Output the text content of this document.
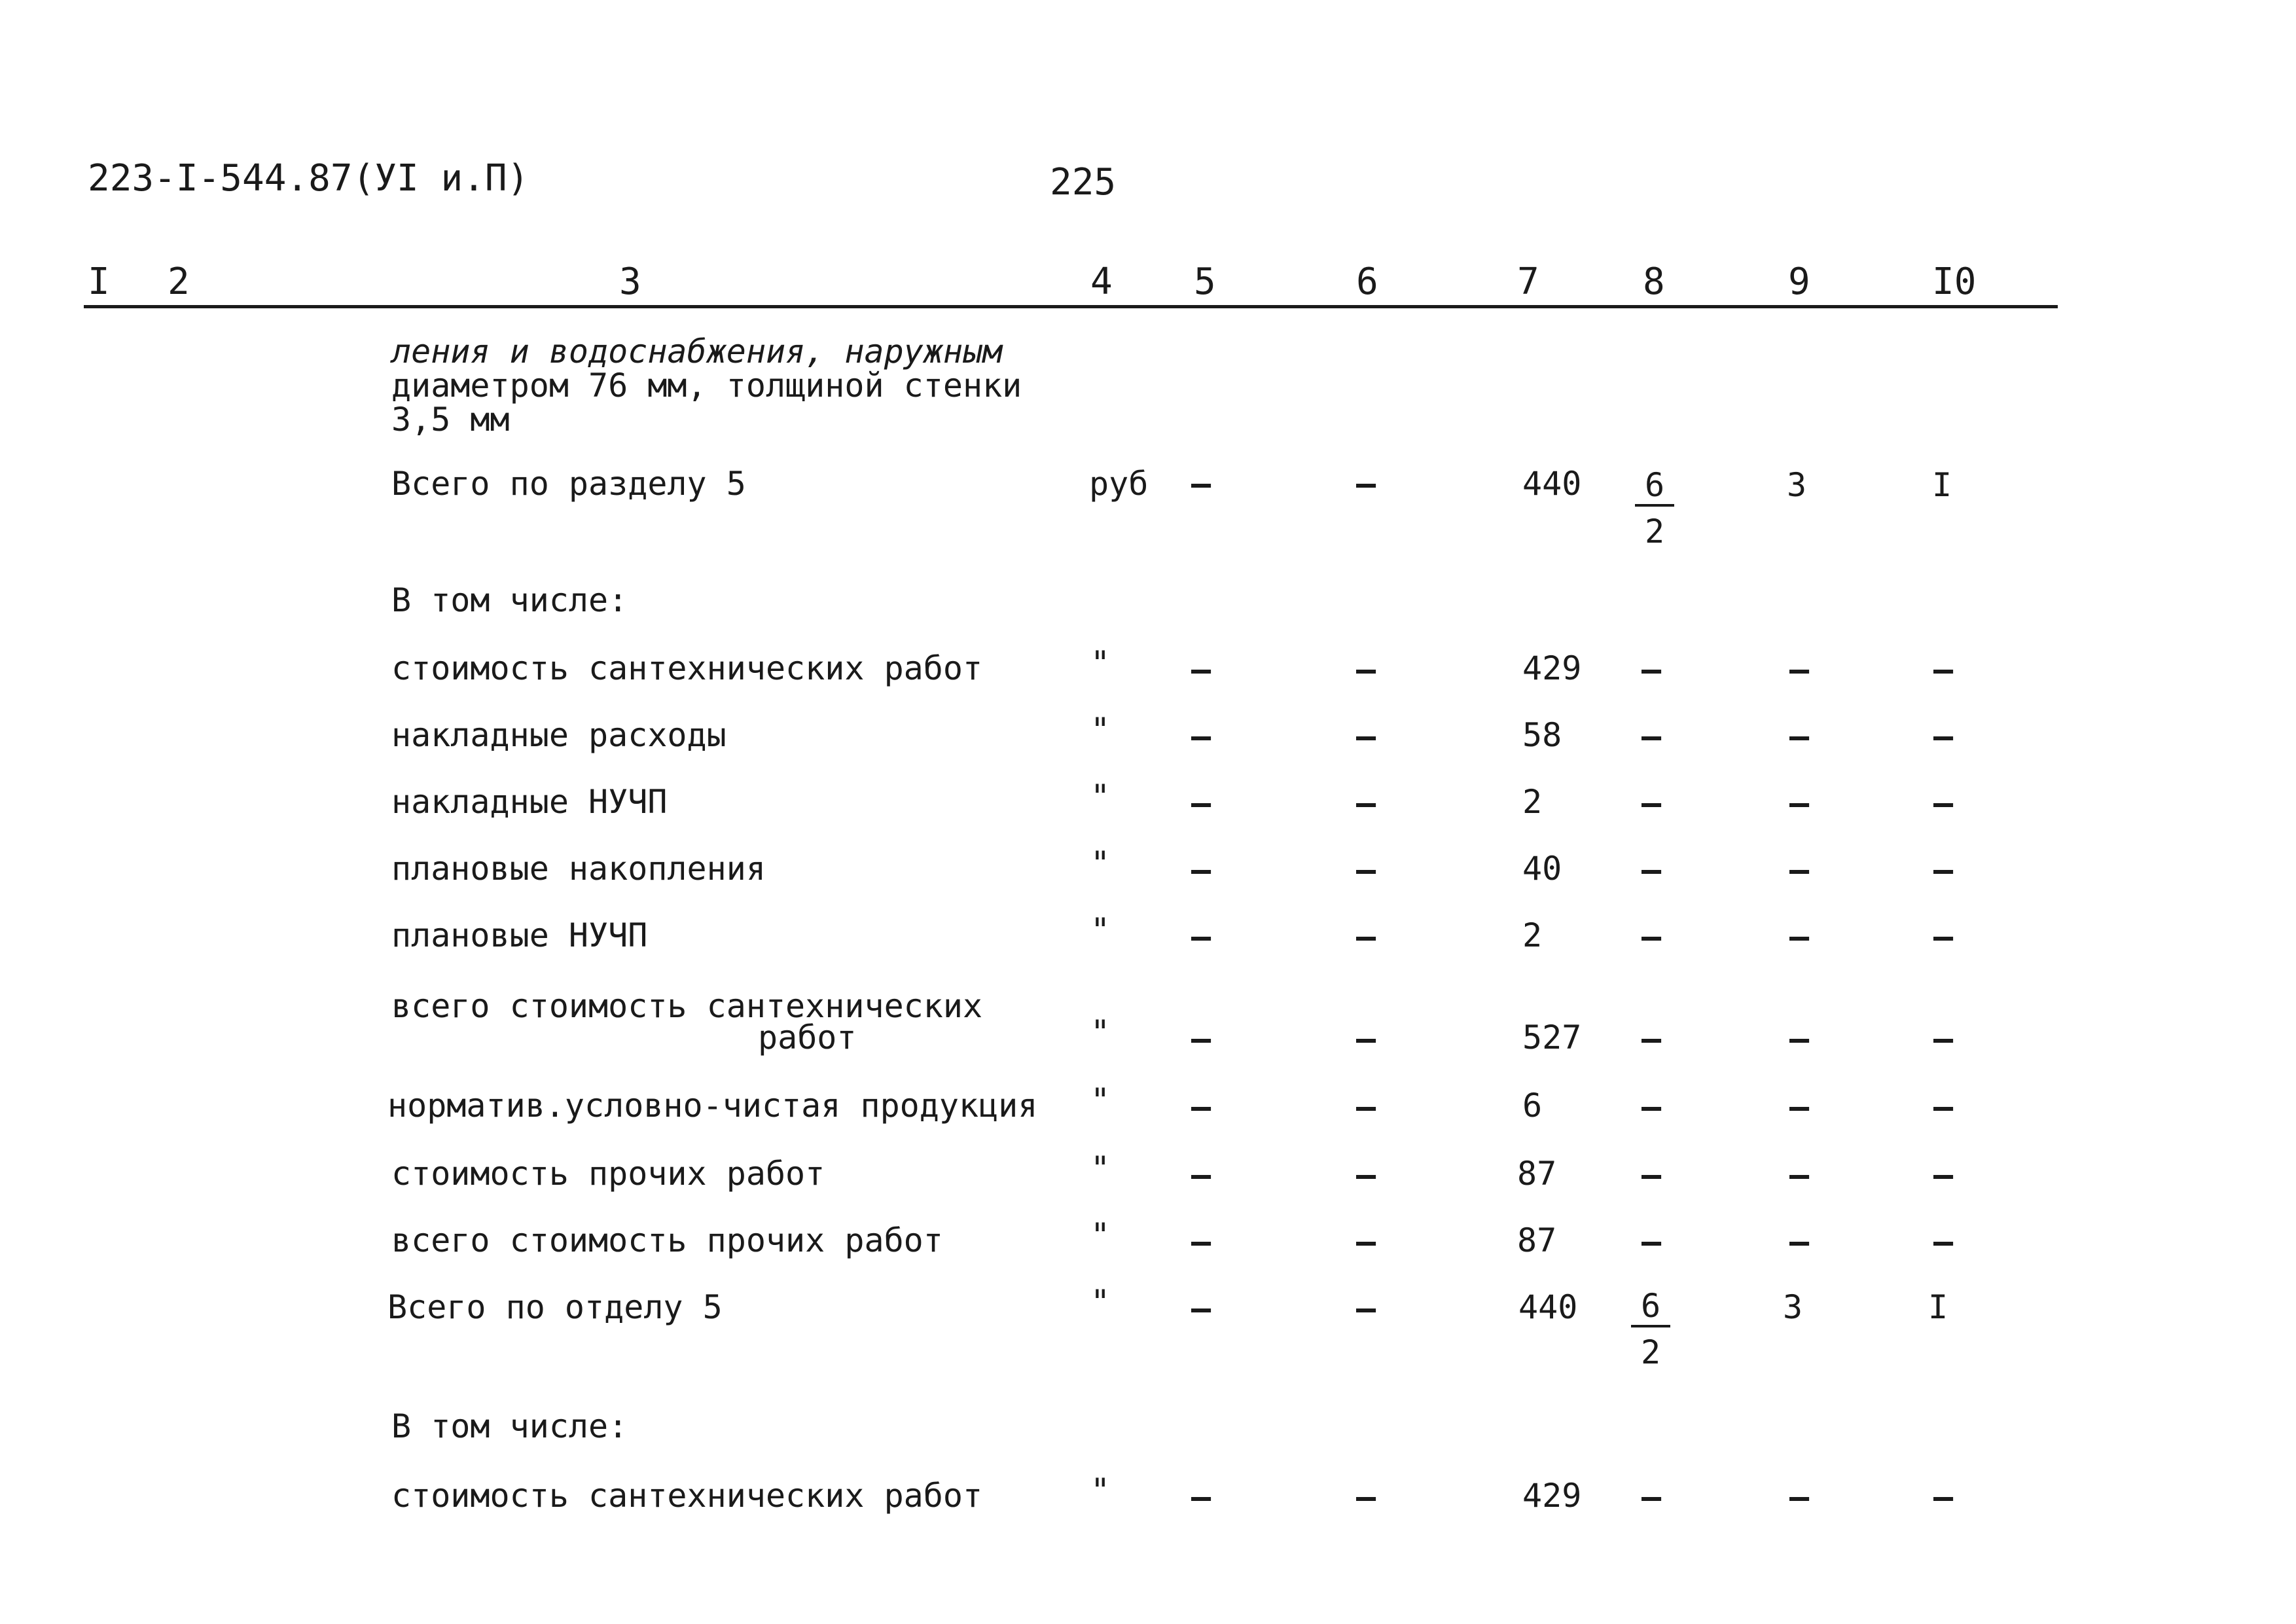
223-I-544.87(УI и.П)	225
I 2	3	4 5	6	7	8	9	I0
ления и водоснабжения, наружным
диаметром 76 мм, толщиной стенки
3,5 мм
Всего по разделу 5	руб –	–	$440 \frac{6}{2}$	3	I
В том числе:
стоимость сантехнических работ	" –	–	429 –	–	–
накладные расходы	" –	–	58 –	–	–
накладные НУЧП	" –	–	2	–	–	–
плановые накопления	" –	–	40 –	–	–
плановые НУЧП	" –	–	2	–	–	–
всего стоимость сантехнических
работ	" –	–	527 –	–	–
норматив.условно-чистая продукция " –	–	6	–	–	–
стоимость прочих работ	" –	–	87	–	–	–
всего стоимость прочих работ	" –	–	87	–	–	–
Всего по отделу 5	" –	–	$440 \frac{6}{2}$	3	I
В том числе:
стоимость сантехнических работ	" –	–	429 –	–	–
